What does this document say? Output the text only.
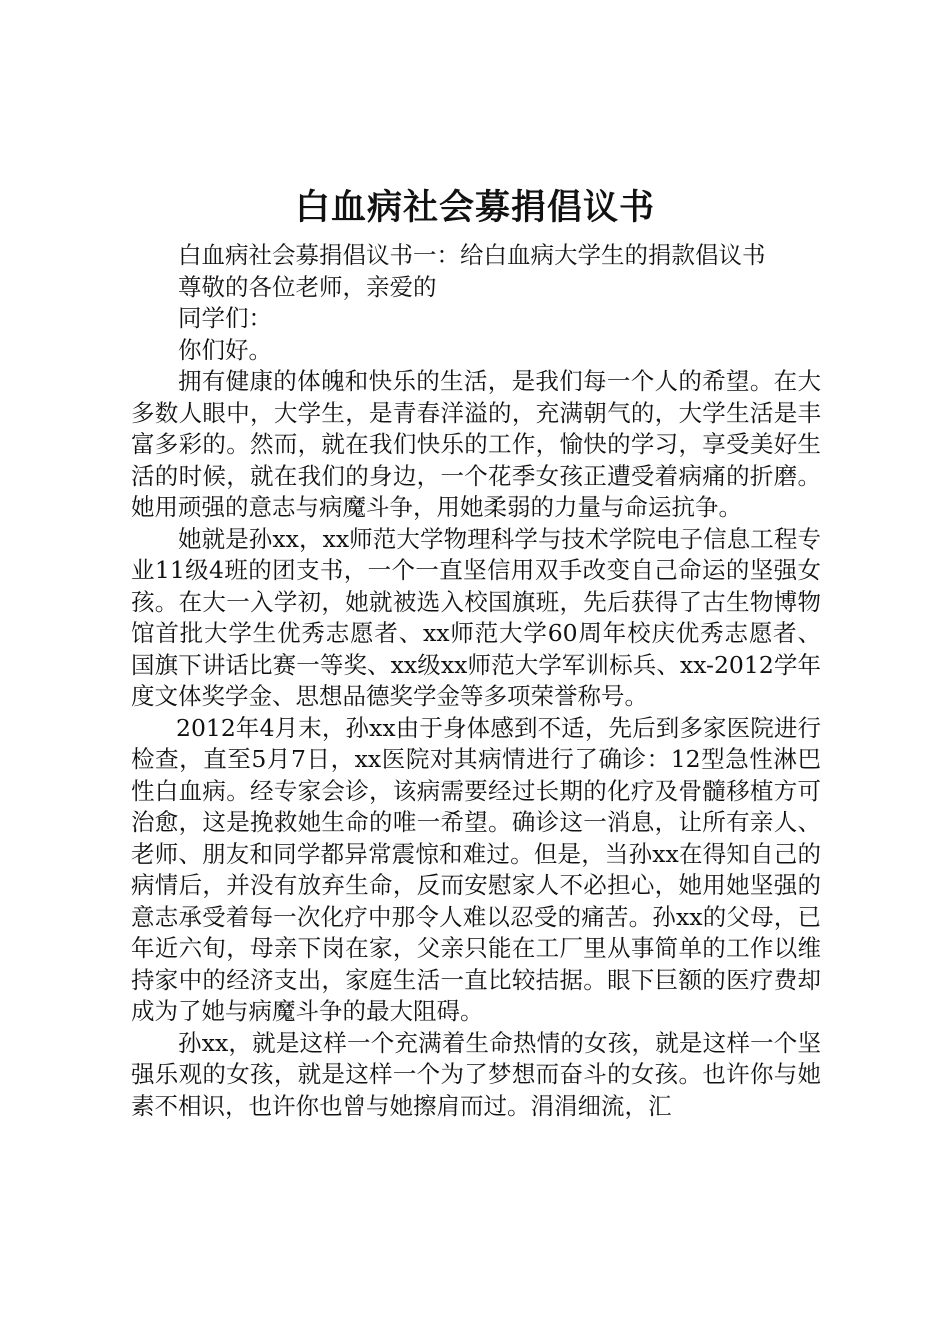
白血病社会募捐倡议书

白血病社会募捐倡议书一：给白血病大学生的捐款倡议书

尊敬的各位老师，亲爱的

同学们：

你们好。

拥有健康的体魄和快乐的生活，是我们每一个人的希望。在大多数人眼中，大学生，是青春洋溢的，充满朝气的，大学生活是丰富多彩的。然而，就在我们快乐的工作，愉快的学习，享受美好生活的时候，就在我们的身边，一个花季女孩正遭受着病痛的折磨。她用顽强的意志与病魔斗争，用她柔弱的力量与命运抗争。

她就是孙xx，xx师范大学物理科学与技术学院电子信息工程专业11级4班的团支书，一个一直坚信用双手改变自己命运的坚强女孩。在大一入学初，她就被选入校国旗班，先后获得了古生物博物馆首批大学生优秀志愿者、xx师范大学60周年校庆优秀志愿者、国旗下讲话比赛一等奖、xx级xx师范大学军训标兵、xx-2012学年度文体奖学金、思想品德奖学金等多项荣誉称号。

2012年4月末，孙xx由于身体感到不适，先后到多家医院进行检查，直至5月7日，xx医院对其病情进行了确诊：12型急性淋巴性白血病。经专家会诊，该病需要经过长期的化疗及骨髓移植方可治愈，这是挽救她生命的唯一希望。确诊这一消息，让所有亲人、老师、朋友和同学都异常震惊和难过。但是，当孙xx在得知自己的病情后，并没有放弃生命，反而安慰家人不必担心，她用她坚强的意志承受着每一次化疗中那令人难以忍受的痛苦。孙xx的父母，已年近六旬，母亲下岗在家，父亲只能在工厂里从事简单的工作以维持家中的经济支出，家庭生活一直比较拮据。眼下巨额的医疗费却成为了她与病魔斗争的最大阻碍。

孙xx，就是这样一个充满着生命热情的女孩，就是这样一个坚强乐观的女孩，就是这样一个为了梦想而奋斗的女孩。也许你与她素不相识，也许你也曾与她擦肩而过。涓涓细流，汇
